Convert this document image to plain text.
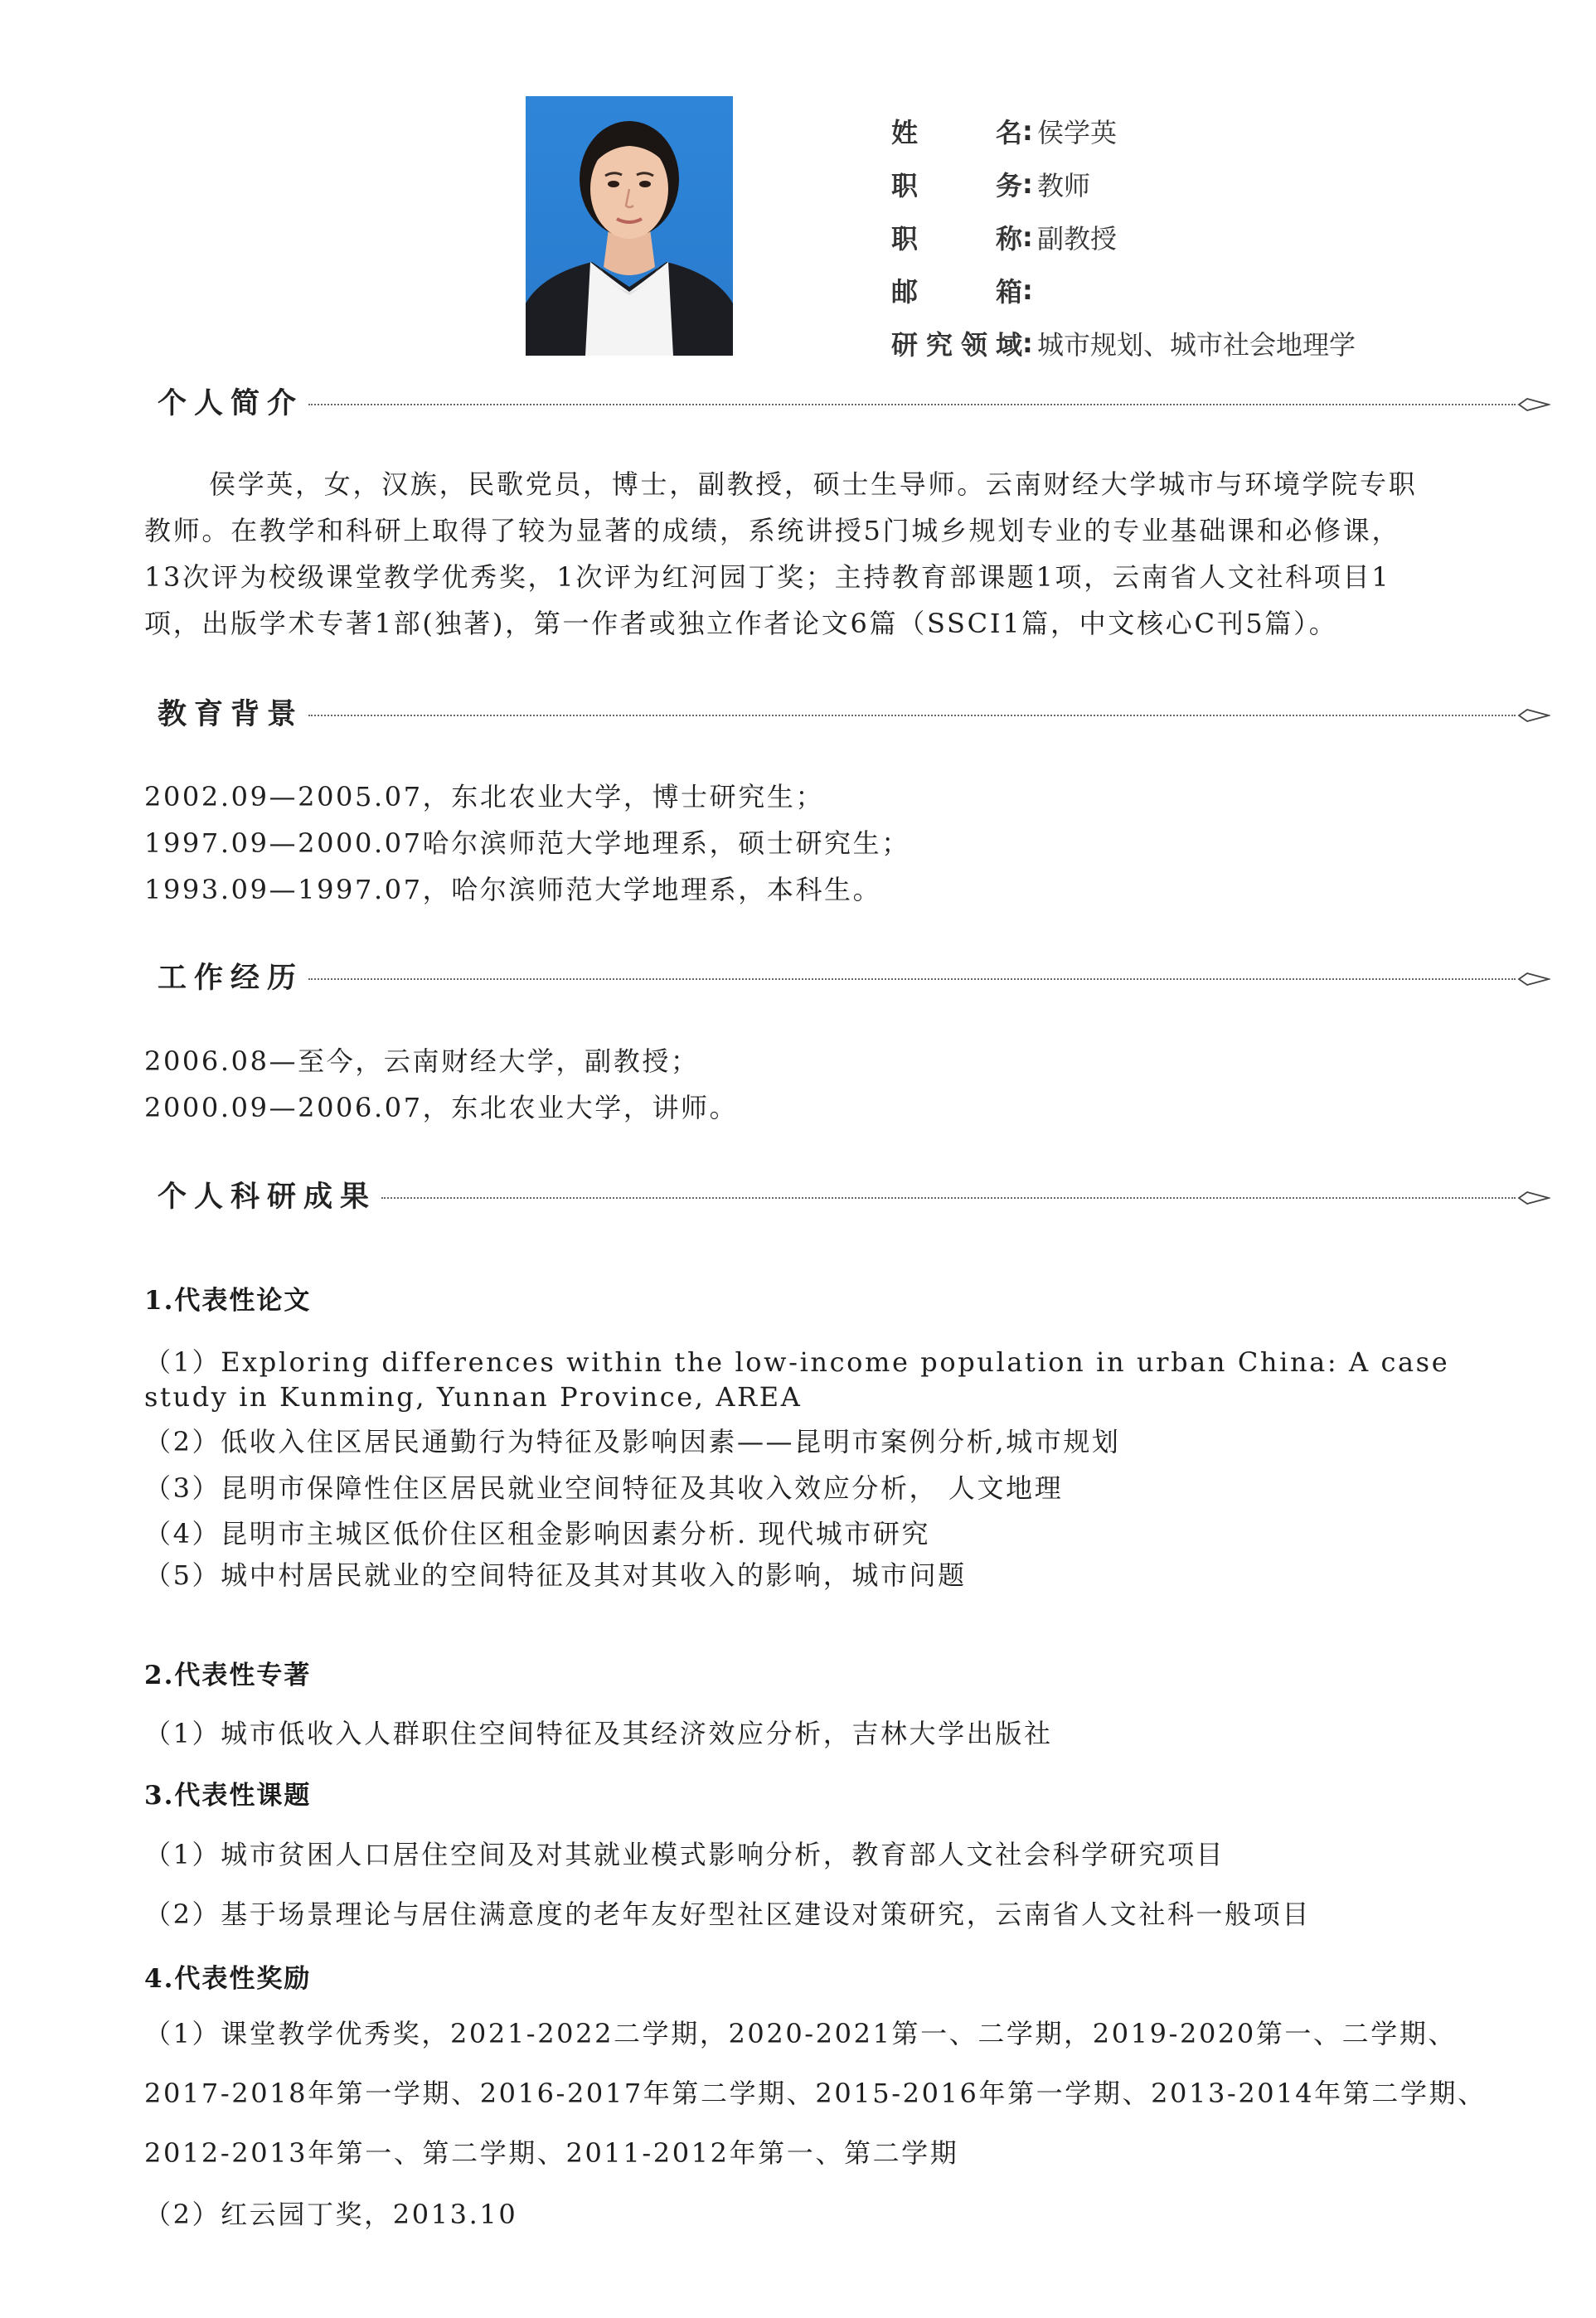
姓名 : 侯学英
职务 : 教师
职称 : 副教授
邮箱 :
研究领域 : 城市规划、城市社会地理学
个人简介
侯学英，女，汉族，民歌党员，博士，副教授，硕士生导师。云南财经大学城市与环境学院专职
教师。在教学和科研上取得了较为显著的成绩，系统讲授5门城乡规划专业的专业基础课和必修课，
13次评为校级课堂教学优秀奖，1次评为红河园丁奖；主持教育部课题1项，云南省人文社科项目1
项，出版学术专著1部(独著)，第一作者或独立作者论文6篇（SSCI1篇，中文核心C刊5篇）。
教育背景
2002.09—2005.07，东北农业大学，博士研究生；
1997.09—2000.07哈尔滨师范大学地理系，硕士研究生；
1993.09—1997.07，哈尔滨师范大学地理系，本科生。
工作经历
2006.08—至今，云南财经大学，副教授；
2000.09—2006.07，东北农业大学，讲师。
个人科研成果
1.代表性论文
（1）Exploring differences within the low‐income population in urban China: A case
study in Kunming, Yunnan Province, AREA
（2）低收入住区居民通勤行为特征及影响因素——昆明市案例分析,城市规划
（3）昆明市保障性住区居民就业空间特征及其收入效应分析， 人文地理
（4）昆明市主城区低价住区租金影响因素分析. 现代城市研究
（5）城中村居民就业的空间特征及其对其收入的影响，城市问题
2.代表性专著
（1）城市低收入人群职住空间特征及其经济效应分析，吉林大学出版社
3.代表性课题
（1）城市贫困人口居住空间及对其就业模式影响分析，教育部人文社会科学研究项目
（2）基于场景理论与居住满意度的老年友好型社区建设对策研究，云南省人文社科一般项目
4.代表性奖励
（1）课堂教学优秀奖，2021-2022二学期，2020-2021第一、二学期，2019-2020第一、二学期、
2017-2018年第一学期、2016-2017年第二学期、2015-2016年第一学期、2013-2014年第二学期、
2012-2013年第一、第二学期、2011-2012年第一、第二学期
（2）红云园丁奖，2013.10
